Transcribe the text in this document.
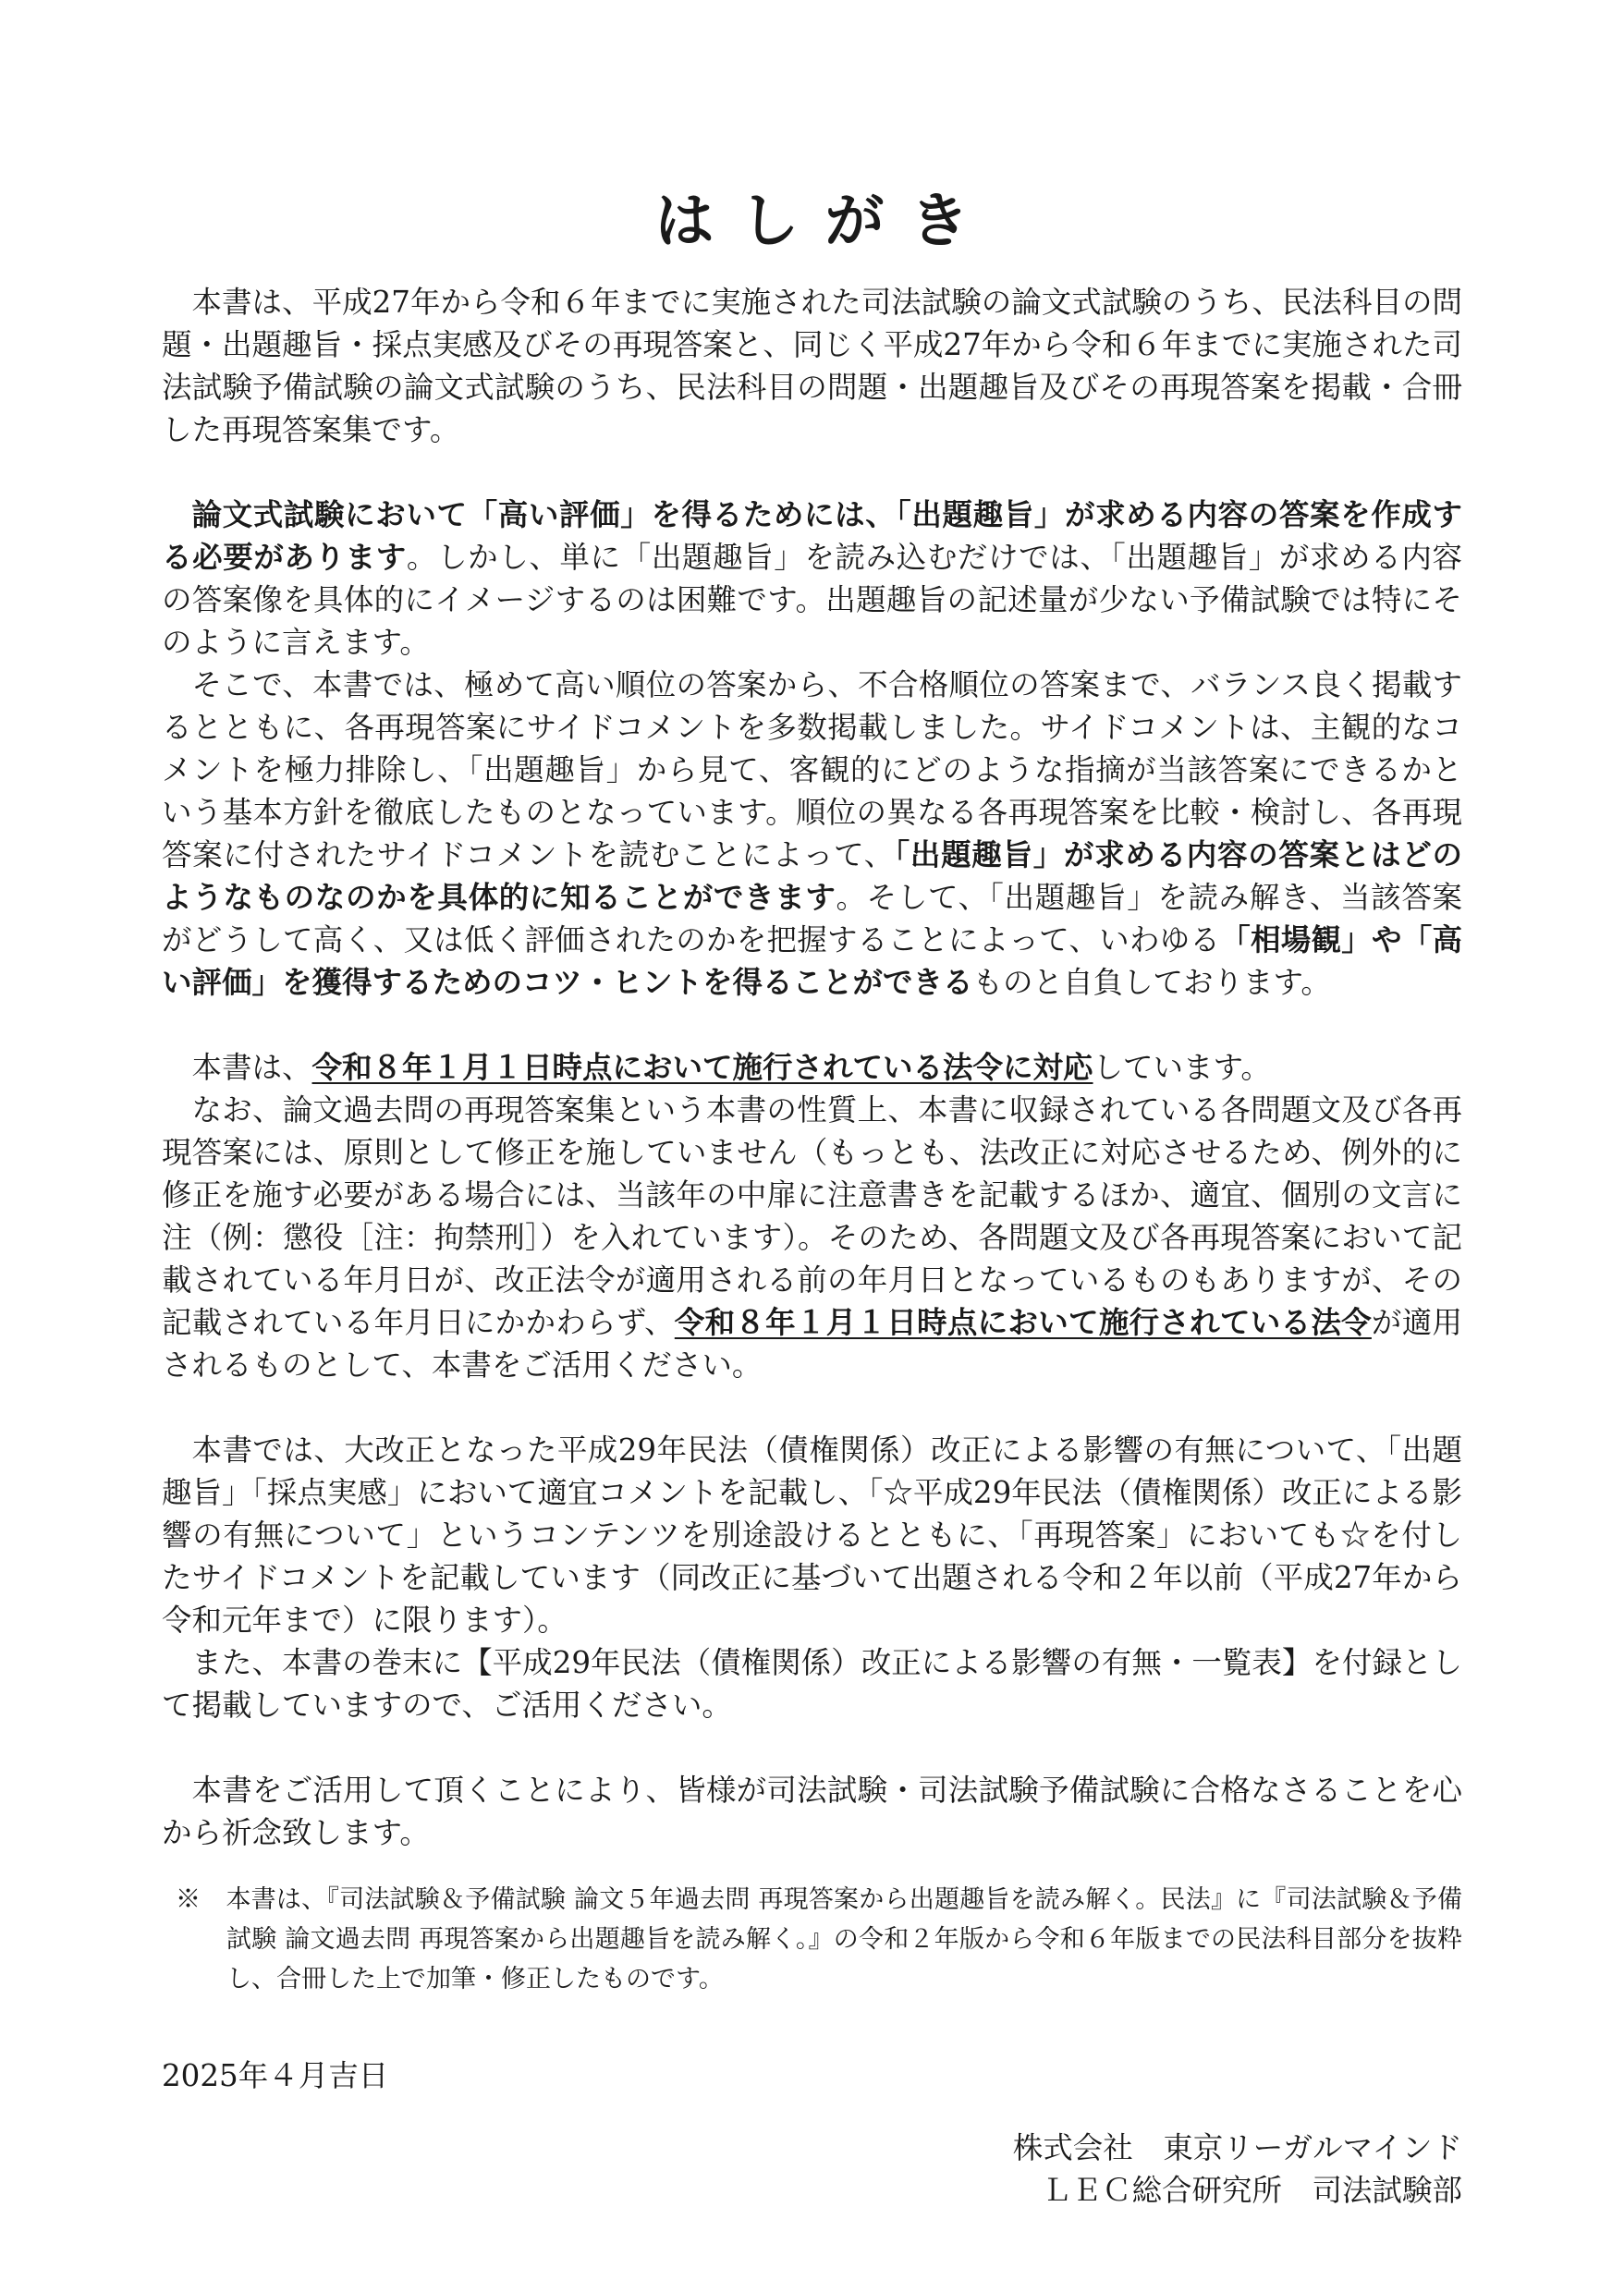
はしがき

本書は、平成27年から令和６年までに実施された司法試験の論文式試験のうち、民法科目の問題・出題趣旨・採点実感及びその再現答案と、同じく平成27年から令和６年までに実施された司法試験予備試験の論文式試験のうち、民法科目の問題・出題趣旨及びその再現答案を掲載・合冊した再現答案集です。

論文式試験において「高い評価」を得るためには、「出題趣旨」が求める内容の答案を作成する必要があります。しかし、単に「出題趣旨」を読み込むだけでは、「出題趣旨」が求める内容の答案像を具体的にイメージするのは困難です。出題趣旨の記述量が少ない予備試験では特にそのように言えます。

そこで、本書では、極めて高い順位の答案から、不合格順位の答案まで、バランス良く掲載するとともに、各再現答案にサイドコメントを多数掲載しました。サイドコメントは、主観的なコメントを極力排除し、「出題趣旨」から見て、客観的にどのような指摘が当該答案にできるかという基本方針を徹底したものとなっています。順位の異なる各再現答案を比較・検討し、各再現答案に付されたサイドコメントを読むことによって、「出題趣旨」が求める内容の答案とはどのようなものなのかを具体的に知ることができます。そして、「出題趣旨」を読み解き、当該答案がどうして高く、又は低く評価されたのかを把握することによって、いわゆる「相場観」や「高い評価」を獲得するためのコツ・ヒントを得ることができるものと自負しております。

本書は、令和８年１月１日時点において施行されている法令に対応しています。

なお、論文過去問の再現答案集という本書の性質上、本書に収録されている各問題文及び各再現答案には、原則として修正を施していません（もっとも、法改正に対応させるため、例外的に修正を施す必要がある場合には、当該年の中扉に注意書きを記載するほか、適宜、個別の文言に注（例：懲役［注：拘禁刑］）を入れています）。そのため、各問題文及び各再現答案において記載されている年月日が、改正法令が適用される前の年月日となっているものもありますが、その記載されている年月日にかかわらず、令和８年１月１日時点において施行されている法令が適用されるものとして、本書をご活用ください。

本書では、大改正となった平成29年民法（債権関係）改正による影響の有無について、「出題趣旨」「採点実感」において適宜コメントを記載し、「☆平成29年民法（債権関係）改正による影響の有無について」というコンテンツを別途設けるとともに、「再現答案」においても☆を付したサイドコメントを記載しています（同改正に基づいて出題される令和２年以前（平成27年から令和元年まで）に限ります）。

また、本書の巻末に【平成29年民法（債権関係）改正による影響の有無・一覧表】を付録として掲載していますので、ご活用ください。

本書をご活用して頂くことにより、皆様が司法試験・司法試験予備試験に合格なさることを心から祈念致します。

※　本書は、『司法試験＆予備試験 論文５年過去問 再現答案から出題趣旨を読み解く。民法』に『司法試験＆予備試験 論文過去問 再現答案から出題趣旨を読み解く。』の令和２年版から令和６年版までの民法科目部分を抜粋し、合冊した上で加筆・修正したものです。

2025年４月吉日

株式会社　東京リーガルマインド
ＬＥＣ総合研究所　司法試験部
